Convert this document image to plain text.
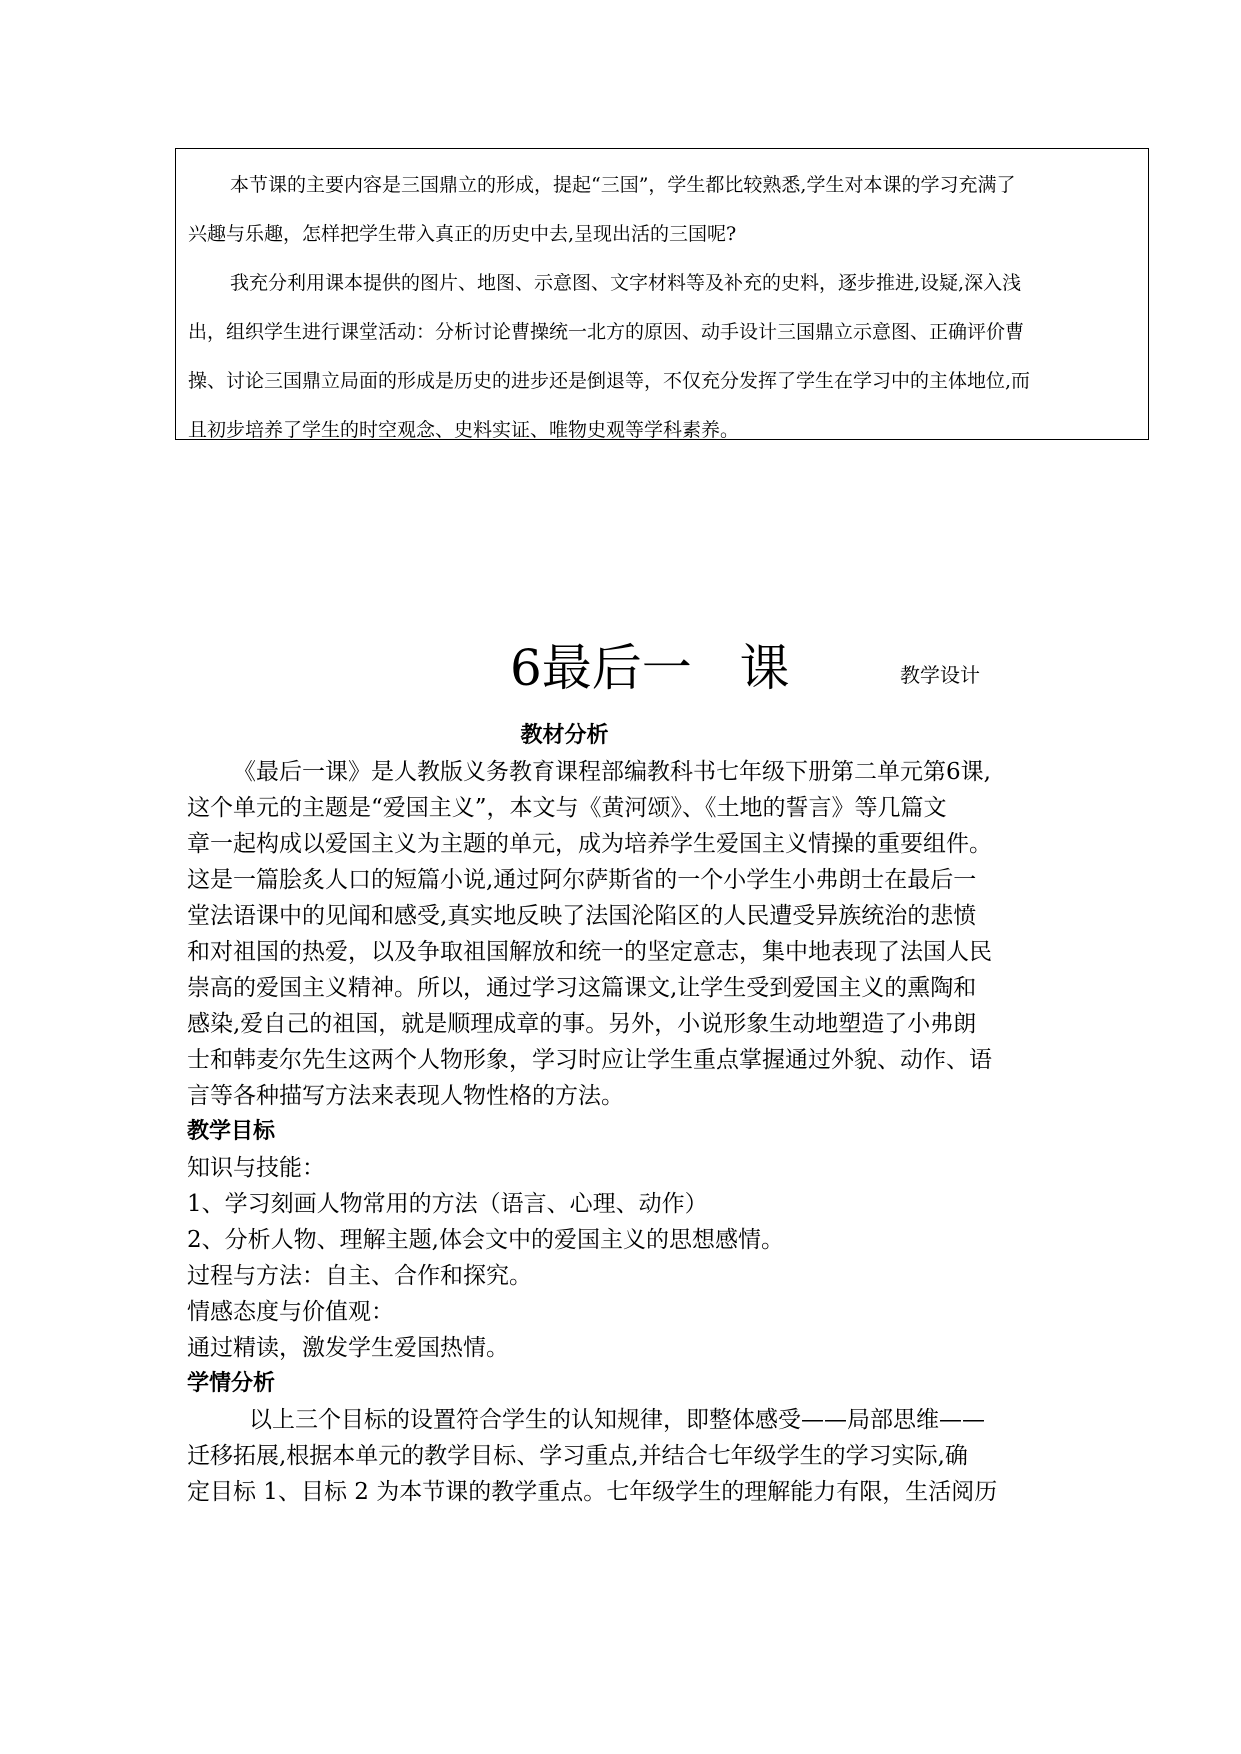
本节课的主要内容是三国鼎立的形成，提起“三国”，学生都比较熟悉,学生对本课的学习充满了
兴趣与乐趣，怎样把学生带入真正的历史中去,呈现出活的三国呢?
我充分利用课本提供的图片、地图、示意图、文字材料等及补充的史料，逐步推进,设疑,深入浅
出，组织学生进行课堂活动：分析讨论曹操统一北方的原因、动手设计三国鼎立示意图、正确评价曹
操、讨论三国鼎立局面的形成是历史的进步还是倒退等，不仅充分发挥了学生在学习中的主体地位,而
且初步培养了学生的时空观念、史料实证、唯物史观等学科素养。
6最后一   课	教学设计
教材分析
《最后一课》是人教版义务教育课程部编教科书七年级下册第二单元第6课,
这个单元的主题是“爱国主义”，本文与《黄河颂》、《土地的誓言》等几篇文
章一起构成以爱国主义为主题的单元，成为培养学生爱国主义情操的重要组件。
这是一篇脍炙人口的短篇小说,通过阿尔萨斯省的一个小学生小弗朗士在最后一
堂法语课中的见闻和感受,真实地反映了法国沦陷区的人民遭受异族统治的悲愤
和对祖国的热爱，以及争取祖国解放和统一的坚定意志，集中地表现了法国人民
崇高的爱国主义精神。所以，通过学习这篇课文,让学生受到爱国主义的熏陶和
感染,爱自己的祖国，就是顺理成章的事。另外，小说形象生动地塑造了小弗朗
士和韩麦尔先生这两个人物形象，学习时应让学生重点掌握通过外貌、动作、语
言等各种描写方法来表现人物性格的方法。
教学目标
知识与技能：
1、学习刻画人物常用的方法（语言、心理、动作）
2、分析人物、理解主题,体会文中的爱国主义的思想感情。
过程与方法：自主、合作和探究。
情感态度与价值观：
通过精读，激发学生爱国热情。
学情分析
以上三个目标的设置符合学生的认知规律，即整体感受——局部思维——
迁移拓展,根据本单元的教学目标、学习重点,并结合七年级学生的学习实际,确
定目标 1、目标 2 为本节课的教学重点。七年级学生的理解能力有限，生活阅历
